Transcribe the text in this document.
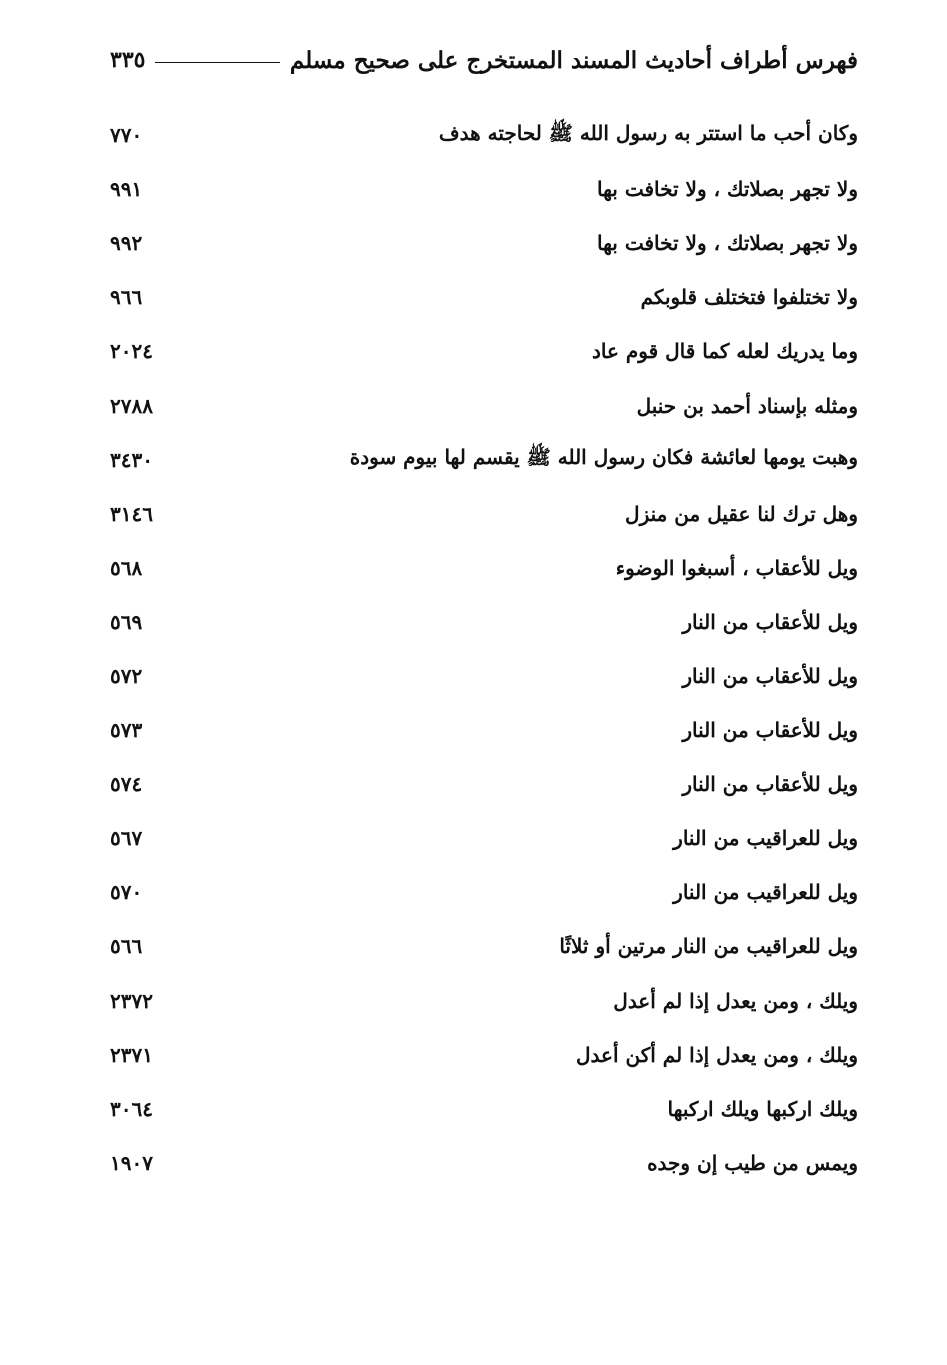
٣٣٥	فهرس أطراف أحاديث المسند المستخرج على صحيح مسلم
٧٧٠	وكان أحب ما استتر به رسول الله ﷺ لحاجته هدف
٩٩١	ولا تجهر بصلاتك ، ولا تخافت بها
٩٩٢	ولا تجهر بصلاتك ، ولا تخافت بها
٩٦٦	ولا تختلفوا فتختلف قلوبكم
٢٠٢٤	وما يدريك لعله كما قال قوم عاد
٢٧٨٨	ومثله بإسناد أحمد بن حنبل
٣٤٣٠	وهبت يومها لعائشة فكان رسول الله ﷺ يقسم لها بيوم سودة
٣١٤٦	وهل ترك لنا عقيل من منزل
٥٦٨	ويل للأعقاب ، أسبغوا الوضوء
٥٦٩	ويل للأعقاب من النار
٥٧٢	ويل للأعقاب من النار
٥٧٣	ويل للأعقاب من النار
٥٧٤	ويل للأعقاب من النار
٥٦٧	ويل للعراقيب من النار
٥٧٠	ويل للعراقيب من النار
٥٦٦	ويل للعراقيب من النار مرتين أو ثلاثًا
٢٣٧٢	ويلك ، ومن يعدل إذا لم أعدل
٢٣٧١	ويلك ، ومن يعدل إذا لم أكن أعدل
٣٠٦٤	ويلك اركبها ويلك اركبها
١٩٠٧	ويمس من طيب إن وجده
